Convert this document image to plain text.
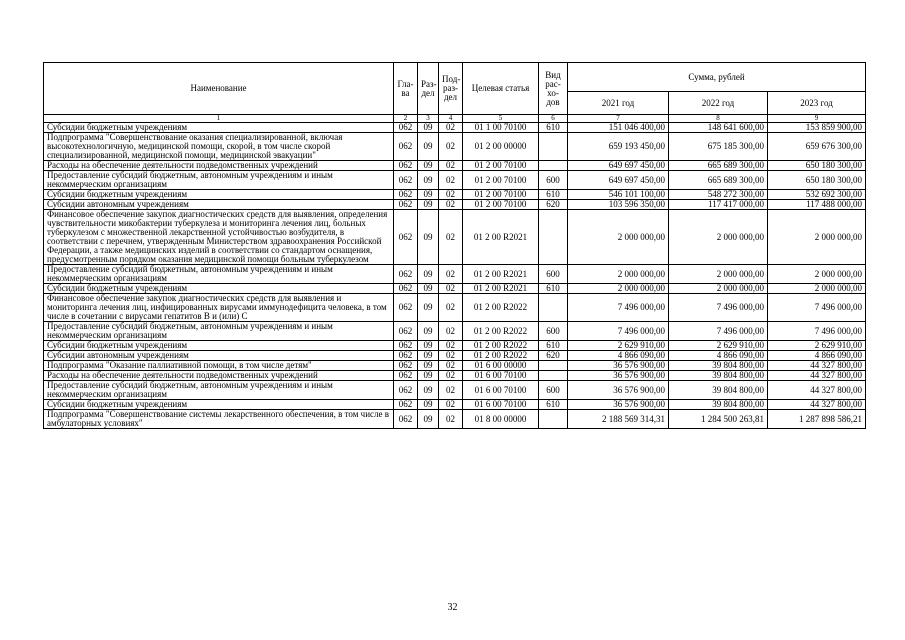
Наименование	Гла-ва	Раз-дел	Под-раз-дел	Целевая статья	Вид рас-хо-дов	Сумма, рублей		
						2021 год	2022 год	2023 год
1	2	3	4	5	6	7	8	9
Субсидии бюджетным учреждениям	062	09	02	01 1 00 70100	610	151 046 400,00	148 641 600,00	153 859 900,00
Подпрограмма "Совершенствование оказания специализированной, включая высокотехнологичную, медицинской помощи, скорой, в том числе скорой специализированной, медицинской помощи, медицинской эвакуации"	062	09	02	01 2 00 00000		659 193 450,00	675 185 300,00	659 676 300,00
Расходы на обеспечение деятельности подведомственных учреждений	062	09	02	01 2 00 70100		649 697 450,00	665 689 300,00	650 180 300,00
Предоставление субсидий бюджетным, автономным учреждениям и иным некоммерческим организациям	062	09	02	01 2 00 70100	600	649 697 450,00	665 689 300,00	650 180 300,00
Субсидии бюджетным учреждениям	062	09	02	01 2 00 70100	610	546 101 100,00	548 272 300,00	532 692 300,00
Субсидии автономным учреждениям	062	09	02	01 2 00 70100	620	103 596 350,00	117 417 000,00	117 488 000,00
Финансовое обеспечение закупок диагностических средств для выявления, определения чувствительности микобактерии туберкулеза и мониторинга лечения лиц, больных туберкулезом с множественной лекарственной устойчивостью возбудителя, в соответствии с перечнем, утвержденным Министерством здравоохранения Российской Федерации, а также медицинских изделий в соответствии со стандартом оснащения, предусмотренным порядком оказания медицинской помощи больным туберкулезом	062	09	02	01 2 00 R2021		2 000 000,00	2 000 000,00	2 000 000,00
Предоставление субсидий бюджетным, автономным учреждениям и иным некоммерческим организациям	062	09	02	01 2 00 R2021	600	2 000 000,00	2 000 000,00	2 000 000,00
Субсидии бюджетным учреждениям	062	09	02	01 2 00 R2021	610	2 000 000,00	2 000 000,00	2 000 000,00
Финансовое обеспечение закупок диагностических средств для выявления и мониторинга лечения лиц, инфицированных вирусами иммунодефицита человека, в том числе в сочетании с вирусами гепатитов B и (или) C	062	09	02	01 2 00 R2022		7 496 000,00	7 496 000,00	7 496 000,00
Предоставление субсидий бюджетным, автономным учреждениям и иным некоммерческим организациям	062	09	02	01 2 00 R2022	600	7 496 000,00	7 496 000,00	7 496 000,00
Субсидии бюджетным учреждениям	062	09	02	01 2 00 R2022	610	2 629 910,00	2 629 910,00	2 629 910,00
Субсидии автономным учреждениям	062	09	02	01 2 00 R2022	620	4 866 090,00	4 866 090,00	4 866 090,00
Подпрограмма "Оказание паллиативной помощи, в том числе детям"	062	09	02	01 6 00 00000		36 576 900,00	39 804 800,00	44 327 800,00
Расходы на обеспечение деятельности подведомственных учреждений	062	09	02	01 6 00 70100		36 576 900,00	39 804 800,00	44 327 800,00
Предоставление субсидий бюджетным, автономным учреждениям и иным некоммерческим организациям	062	09	02	01 6 00 70100	600	36 576 900,00	39 804 800,00	44 327 800,00
Субсидии бюджетным учреждениям	062	09	02	01 6 00 70100	610	36 576 900,00	39 804 800,00	44 327 800,00
Подпрограмма "Совершенствование системы лекарственного обеспечения, в том числе в амбулаторных условиях"	062	09	02	01 8 00 00000		2 188 569 314,31	1 284 500 263,81	1 287 898 586,21
32
